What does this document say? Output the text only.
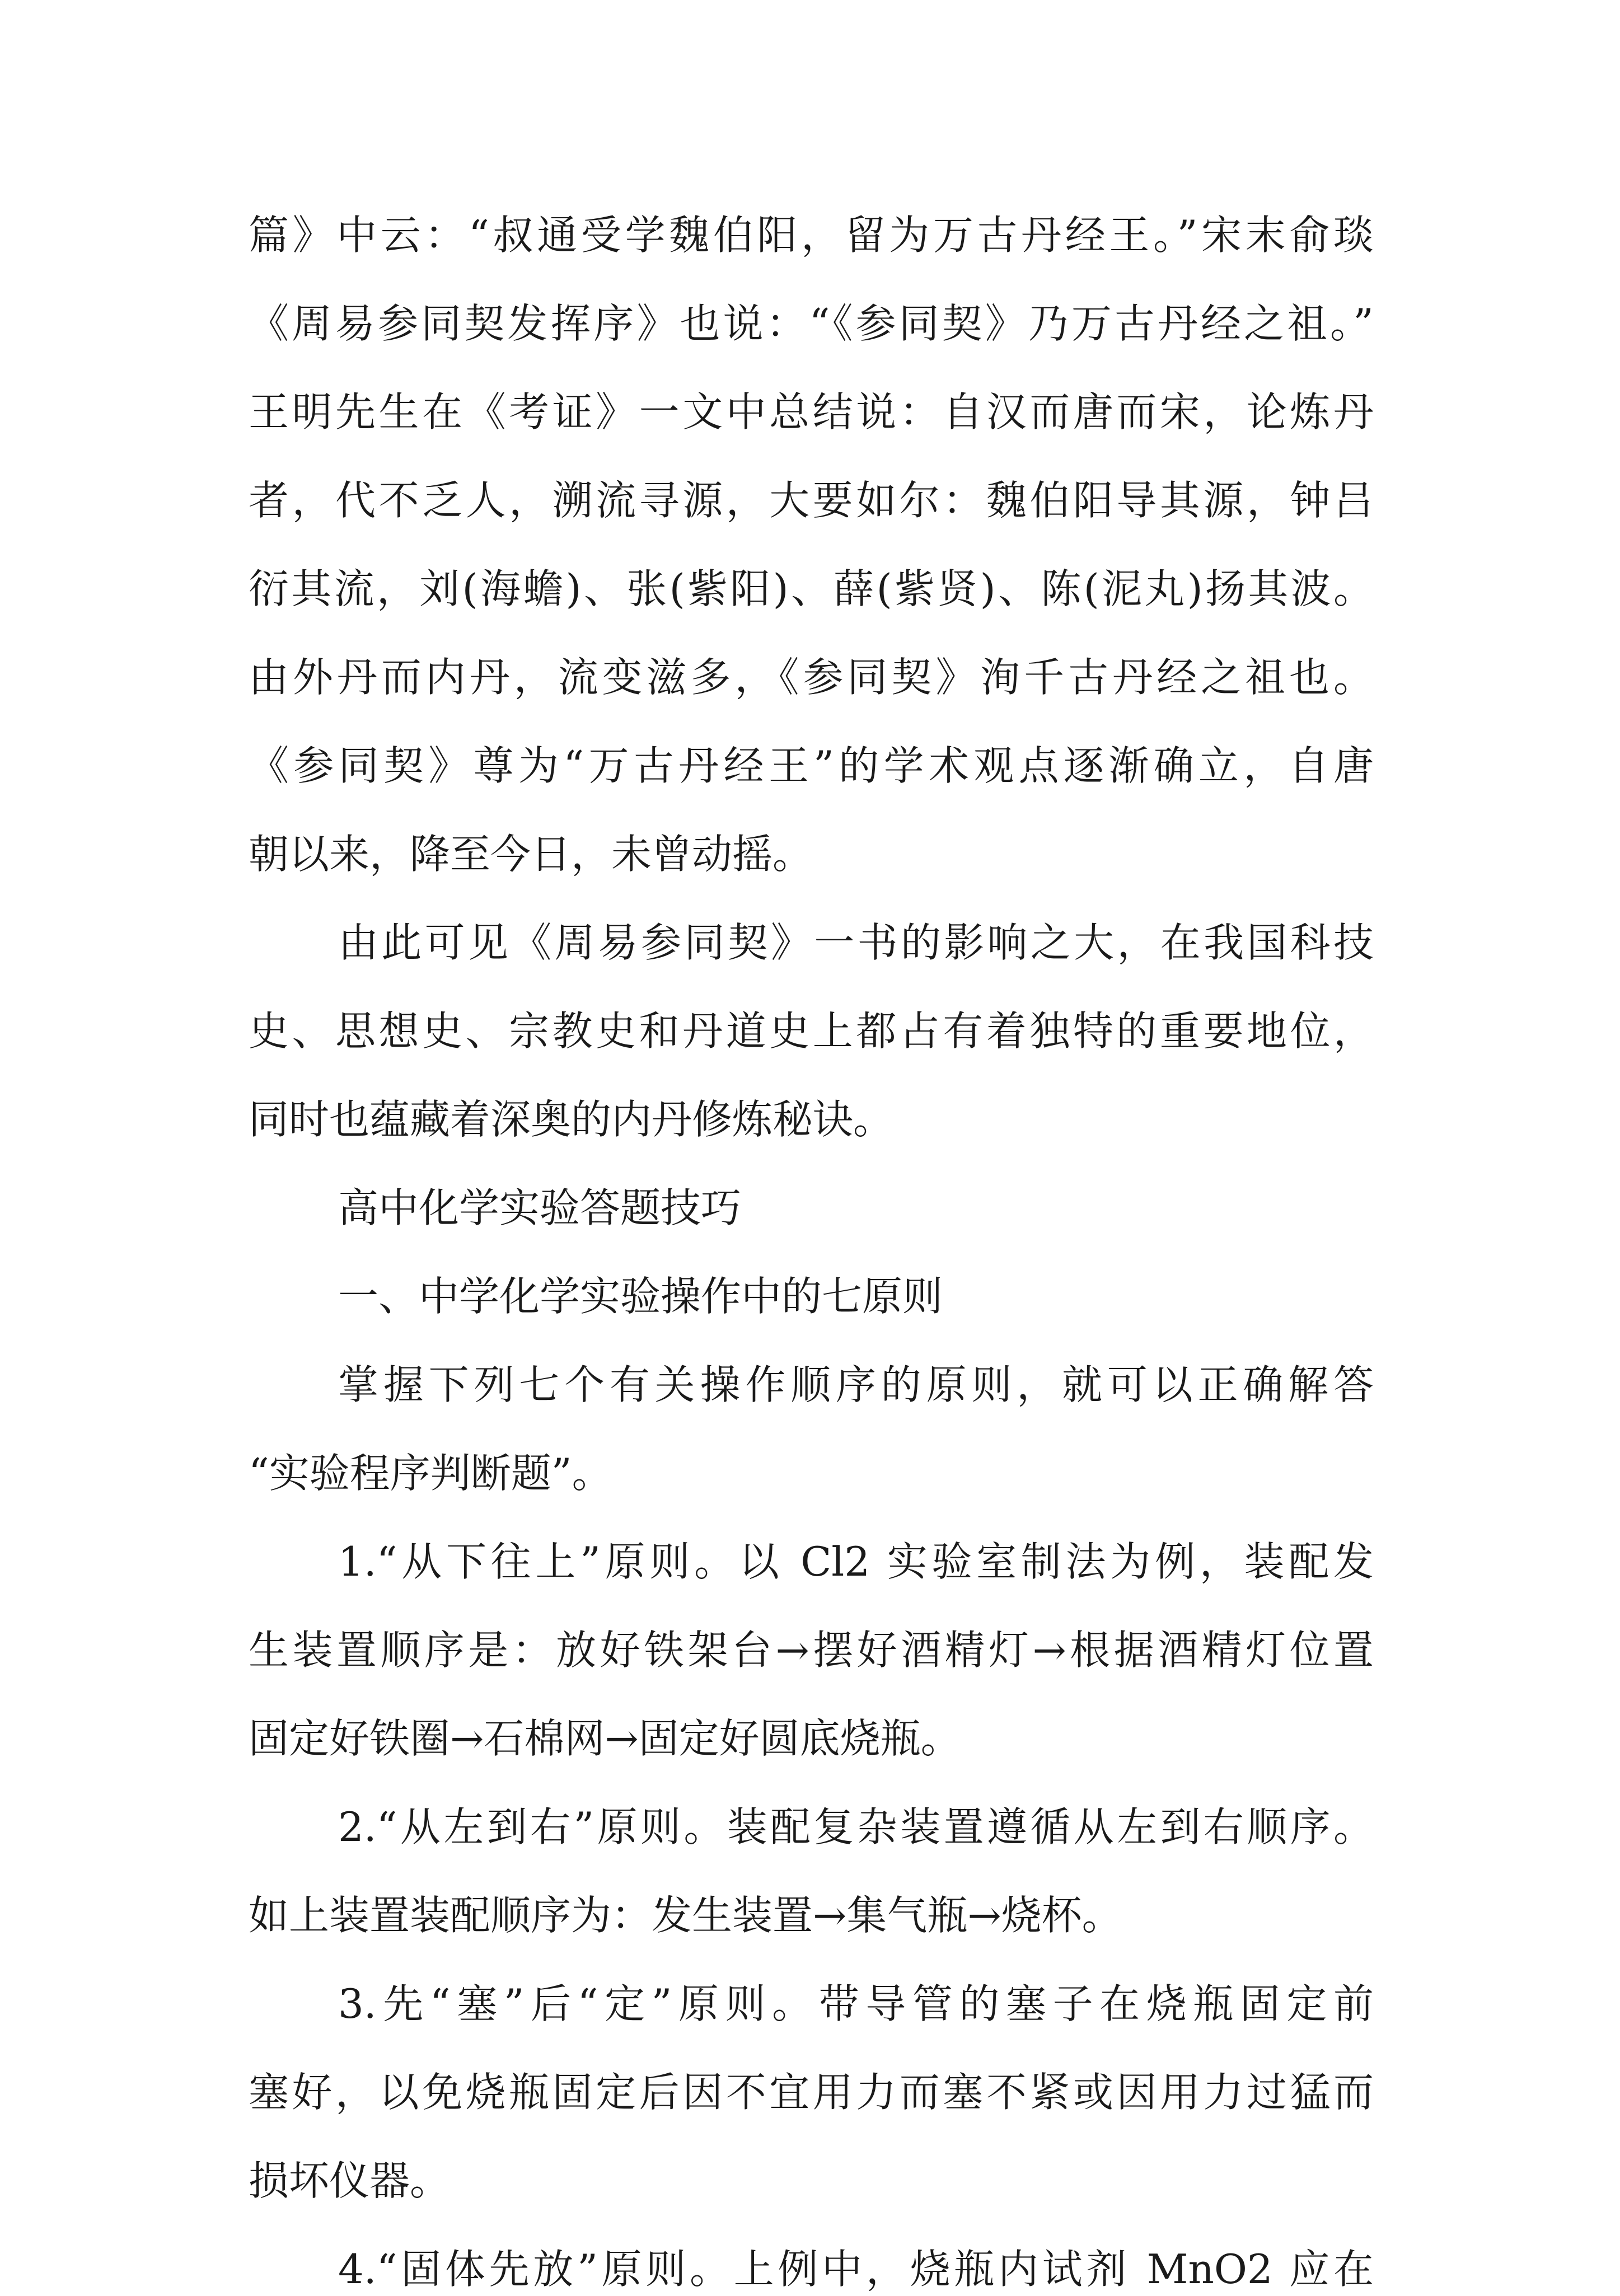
篇》中云：“叔通受学魏伯阳，留为万古丹经王。”宋末俞琰
《周易参同契发挥序》也说：“《参同契》乃万古丹经之祖。”
王明先生在《考证》一文中总结说：自汉而唐而宋，论炼丹
者，代不乏人，溯流寻源，大要如尔：魏伯阳导其源，钟吕
衍其流，刘(海蟾)、张(紫阳)、薛(紫贤)、陈(泥丸)扬其波。
由外丹而内丹，流变滋多，《参同契》洵千古丹经之祖也。
《参同契》尊为“万古丹经王”的学术观点逐渐确立，自唐
朝以来，降至今日，未曾动摇。
由此可见《周易参同契》一书的影响之大，在我国科技
史、思想史、宗教史和丹道史上都占有着独特的重要地位，
同时也蕴藏着深奥的内丹修炼秘诀。
高中化学实验答题技巧
一、中学化学实验操作中的七原则
掌握下列七个有关操作顺序的原则，就可以正确解答
“实验程序判断题”。
1.“从下往上”原则。以 Cl2 实验室制法为例，装配发
生装置顺序是：放好铁架台→摆好酒精灯→根据酒精灯位置
固定好铁圈→石棉网→固定好圆底烧瓶。
2.“从左到右”原则。装配复杂装置遵循从左到右顺序。
如上装置装配顺序为：发生装置→集气瓶→烧杯。
3.先“塞”后“定”原则。带导管的塞子在烧瓶固定前
塞好，以免烧瓶固定后因不宜用力而塞不紧或因用力过猛而
损坏仪器。
4.“固体先放”原则。上例中，烧瓶内试剂 MnO2 应在
